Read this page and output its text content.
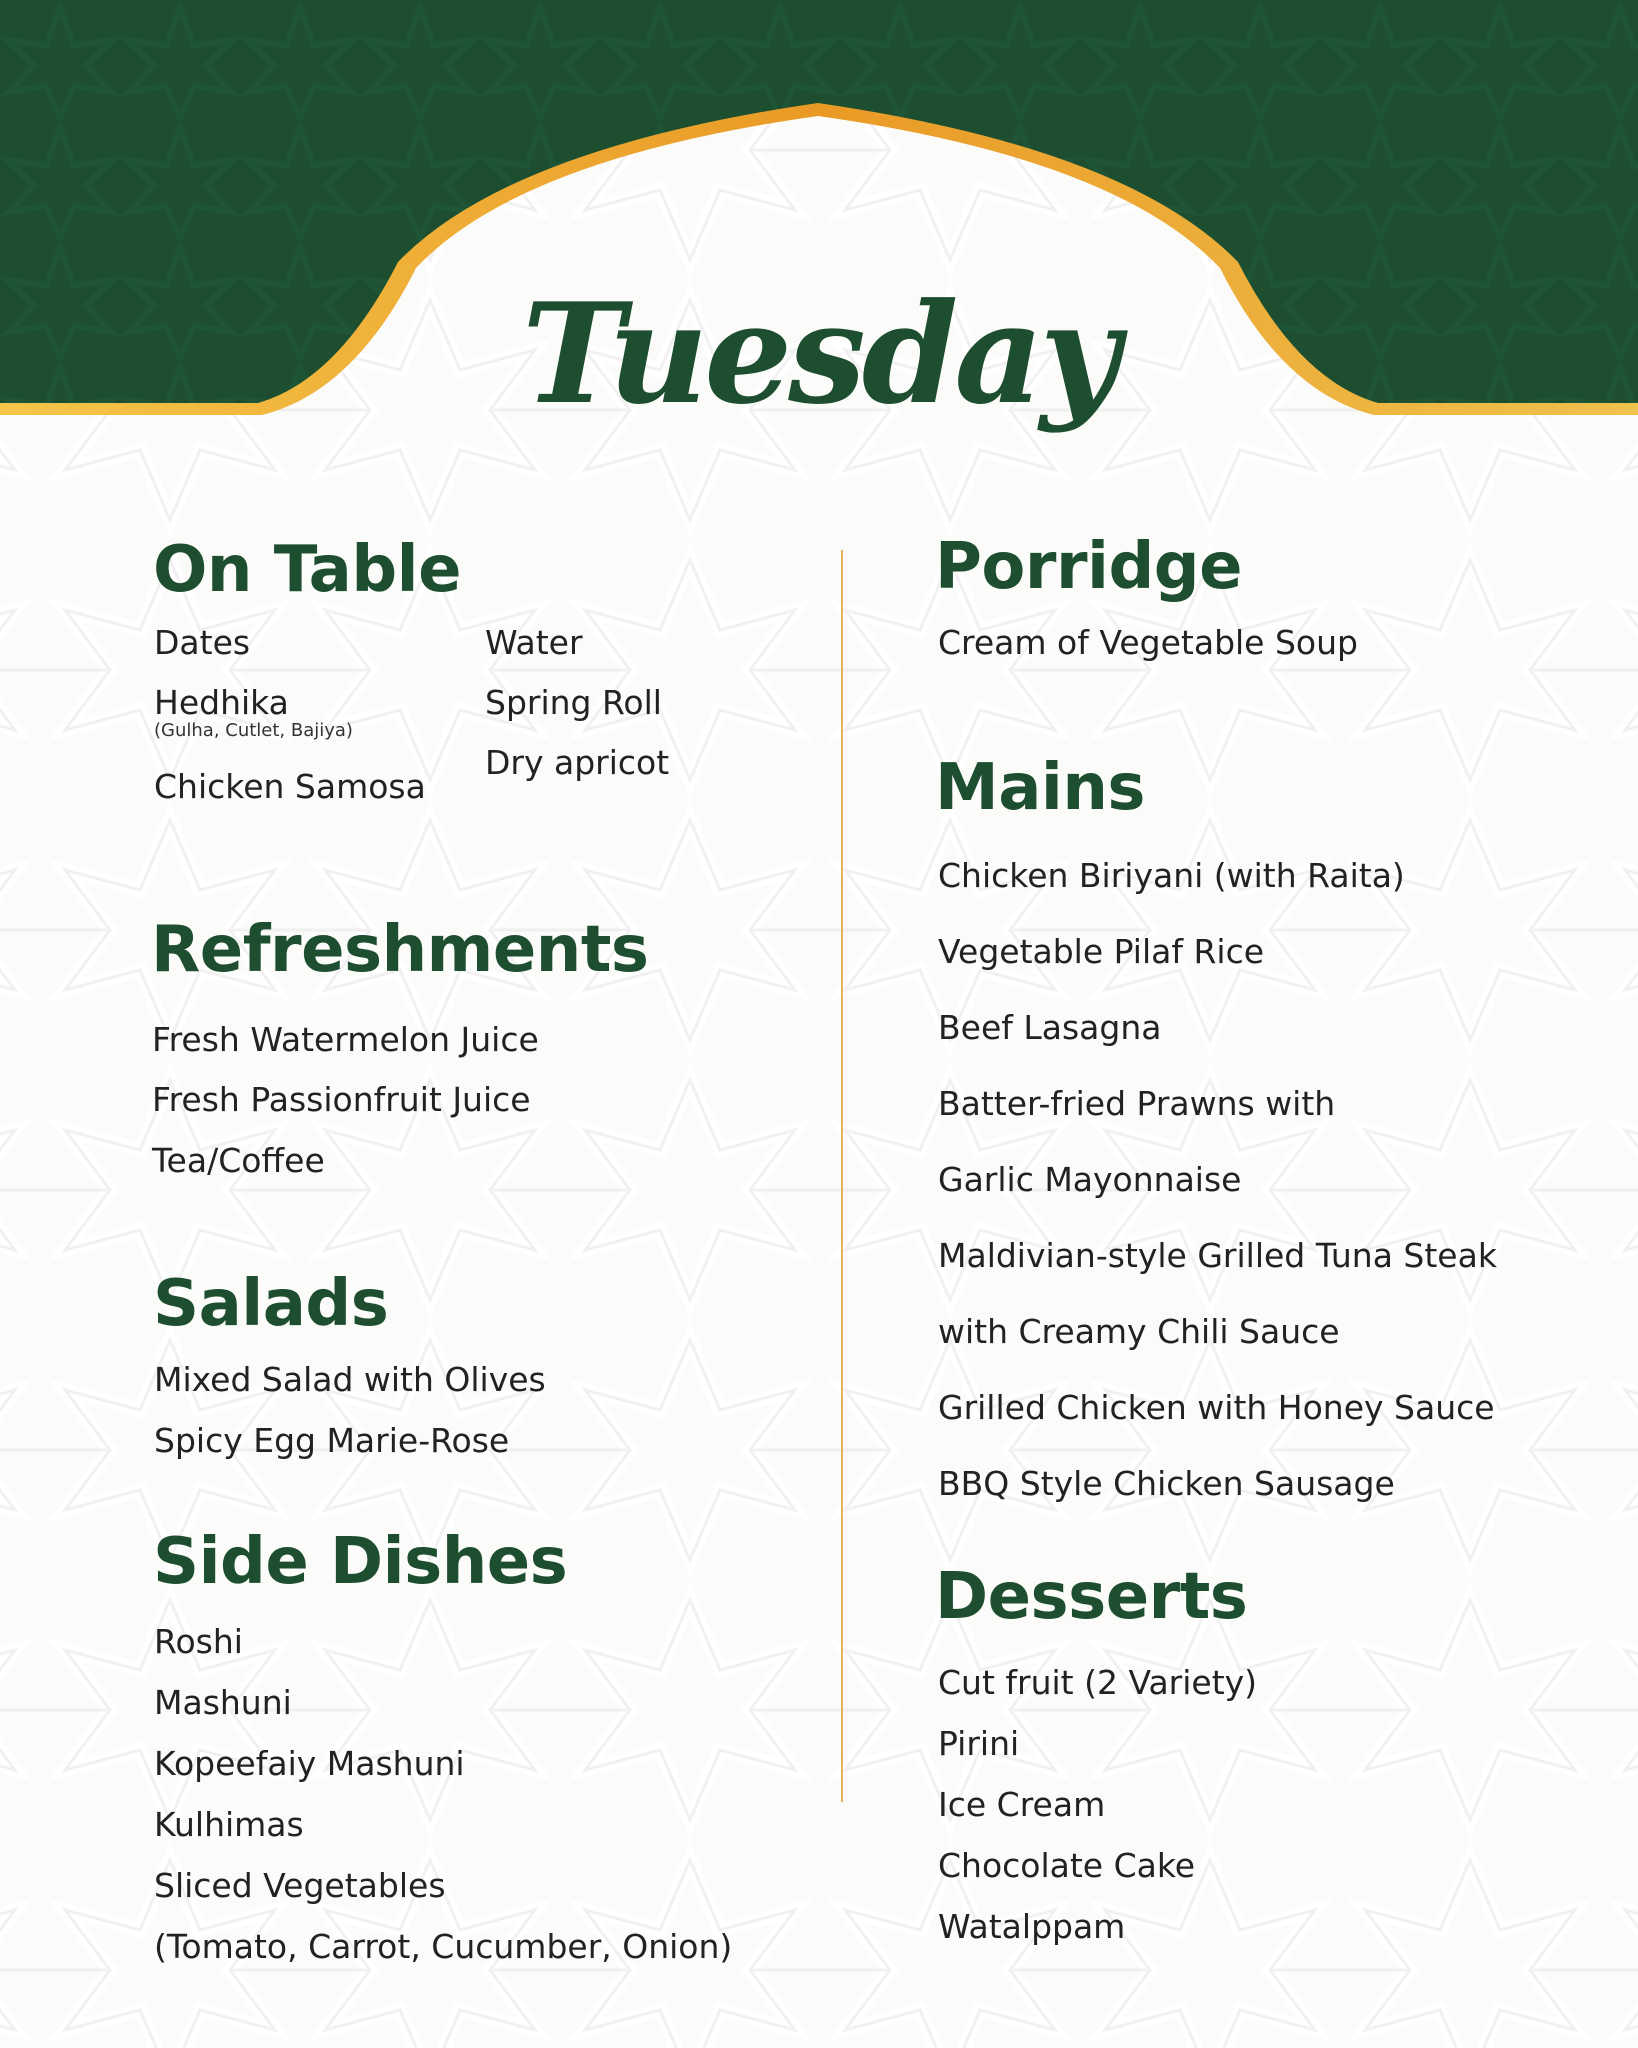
Tuesday
On Table
Dates
Hedhika
(Gulha, Cutlet, Bajiya)
Chicken Samosa
Water
Spring Roll
Dry apricot
Refreshments
Fresh Watermelon Juice
Fresh Passionfruit Juice
Tea/Coffee
Salads
Mixed Salad with Olives
Spicy Egg Marie-Rose
Side Dishes
Roshi
Mashuni
Kopeefaiy Mashuni
Kulhimas
Sliced Vegetables
(Tomato, Carrot, Cucumber, Onion)
Porridge
Cream of Vegetable Soup
Mains
Chicken Biriyani (with Raita)
Vegetable Pilaf Rice
Beef Lasagna
Batter-fried Prawns with
Garlic Mayonnaise
Maldivian-style Grilled Tuna Steak
with Creamy Chili Sauce
Grilled Chicken with Honey Sauce
BBQ Style Chicken Sausage
Desserts
Cut fruit (2 Variety)
Pirini
Ice Cream
Chocolate Cake
Watalppam
